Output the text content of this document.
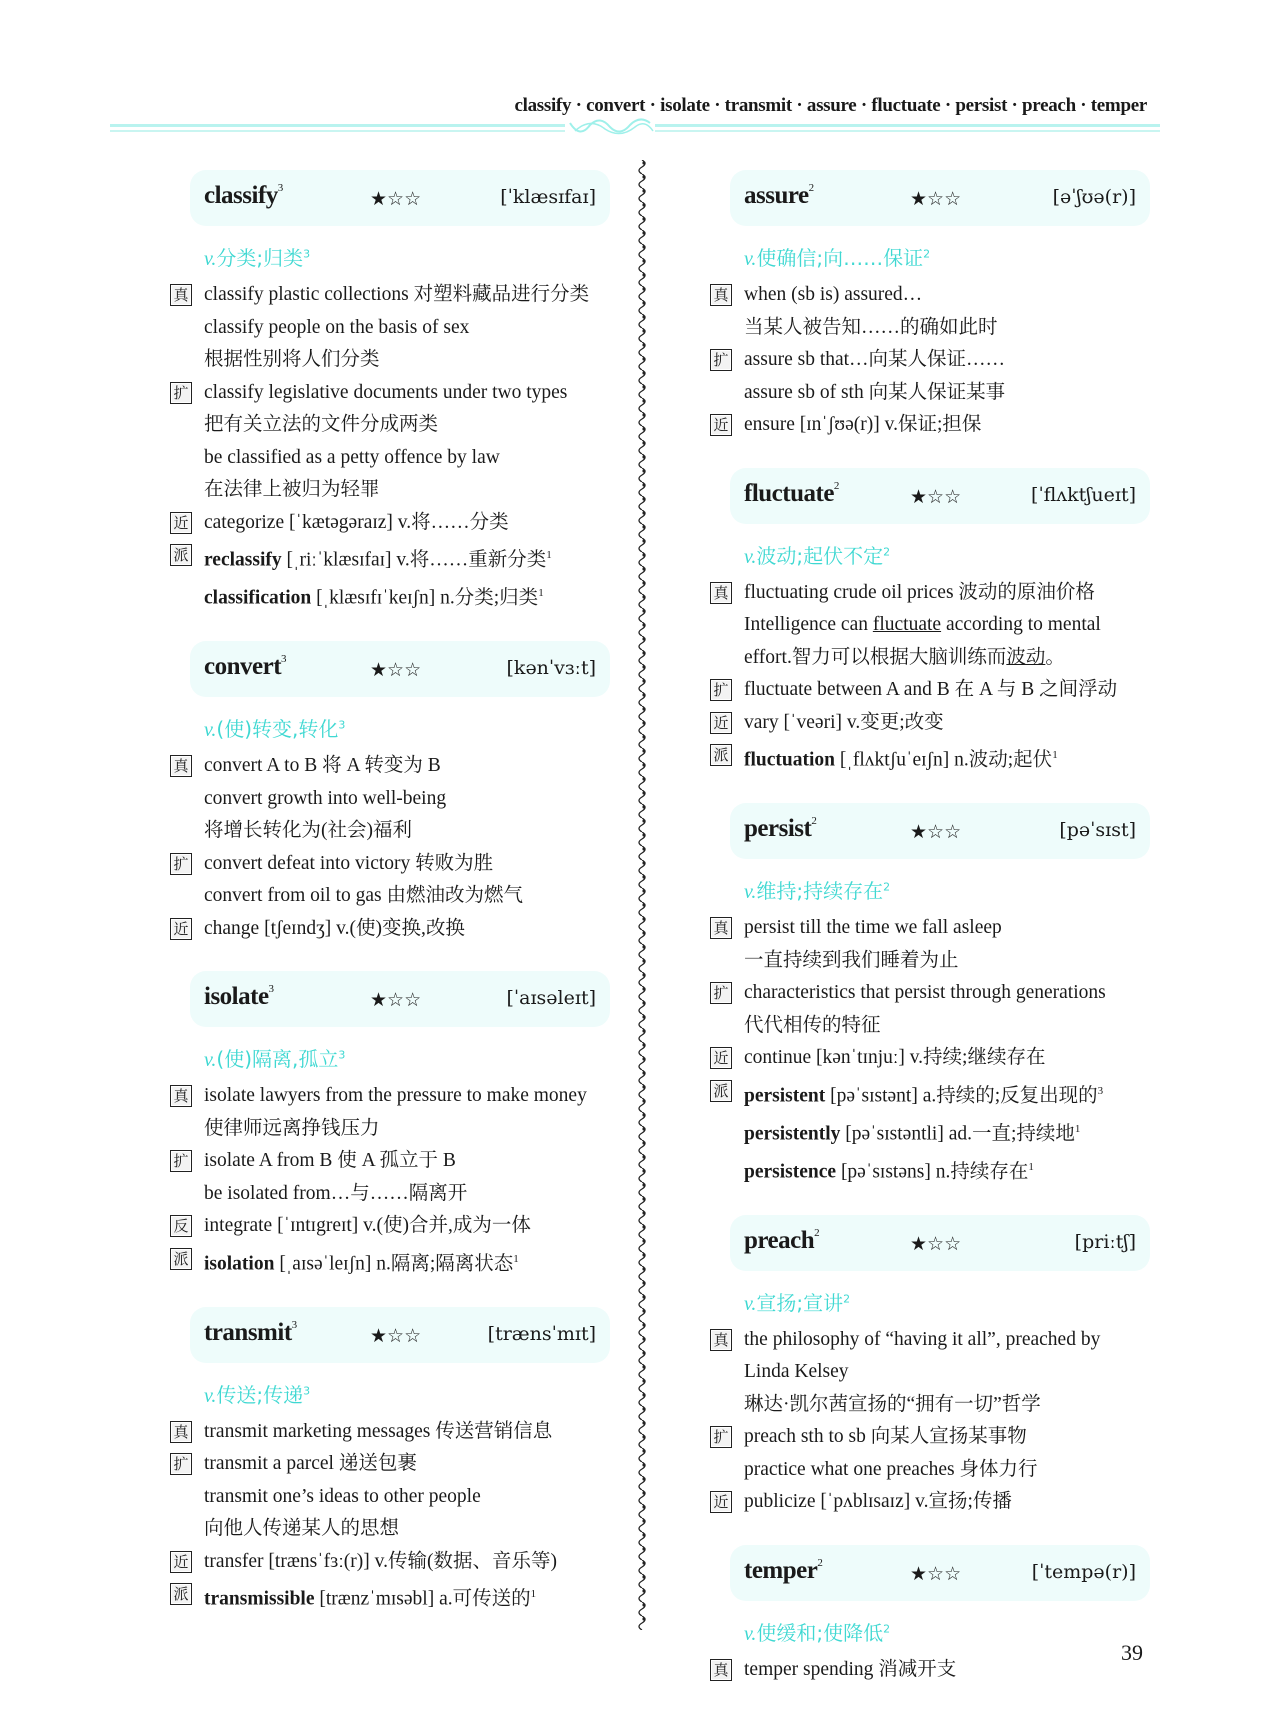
classify · convert · isolate · transmit · assure · fluctuate · persist · preach · temper
classify$^3$	★☆☆	[ˈklæsɪfaɪ]
v.分类;归类$^3$
真 classify plastic collections 对塑料藏品进行分类
classify people on the basis of sex
根据性别将人们分类
扩 classify legislative documents under two types
把有关立法的文件分成两类
be classified as a petty offence by law
在法律上被归为轻罪
近 categorize [ˈkætəgəraɪz] v.将……分类
派 reclassify [ˌriːˈklæsɪfaɪ] v.将……重新分类$^1$
classification [ˌklæsɪfɪˈkeɪʃn] n.分类;归类$^1$
convert$^3$	★☆☆	[kənˈvɜːt]
v.(使)转变,转化$^3$
真 convert A to B 将 A 转变为 B
convert growth into well-being
将增长转化为(社会)福利
扩 convert defeat into victory 转败为胜
convert from oil to gas 由燃油改为燃气
近 change [tʃeɪndʒ] v.(使)变换,改换
isolate$^3$	★☆☆	[ˈaɪsəleɪt]
v.(使)隔离,孤立$^3$
真 isolate lawyers from the pressure to make money
使律师远离挣钱压力
扩 isolate A from B 使 A 孤立于 B
be isolated from…与……隔离开
反 integrate [ˈɪntɪgreɪt] v.(使)合并,成为一体
派 isolation [ˌaɪsəˈleɪʃn] n.隔离;隔离状态$^1$
transmit$^3$	★☆☆	[trænsˈmɪt]
v.传送;传递$^3$
真 transmit marketing messages 传送营销信息
扩 transmit a parcel 递送包裹
transmit one’s ideas to other people
向他人传递某人的思想
近 transfer [trænsˈfɜː(r)] v.传输(数据、音乐等)
派 transmissible [trænzˈmɪsəbl] a.可传送的$^1$
assure$^2$	★☆☆	[əˈʃʊə(r)]
v.使确信;向……保证$^2$
真 when (sb is) assured…
当某人被告知……的确如此时
扩 assure sb that…向某人保证……
assure sb of sth 向某人保证某事
近 ensure [ɪnˈʃʊə(r)] v.保证;担保
fluctuate$^2$	★☆☆	[ˈflʌktʃueɪt]
v.波动;起伏不定$^2$
真 fluctuating crude oil prices 波动的原油价格
Intelligence can fluctuate according to mental
effort.智力可以根据大脑训练而波动。
扩 fluctuate between A and B 在 A 与 B 之间浮动
近 vary [ˈveəri] v.变更;改变
派 fluctuation [ˌflʌktʃuˈeɪʃn] n.波动;起伏$^1$
persist$^2$	★☆☆	[pəˈsɪst]
v.维持;持续存在$^2$
真 persist till the time we fall asleep
一直持续到我们睡着为止
扩 characteristics that persist through generations
代代相传的特征
近 continue [kənˈtɪnjuː] v.持续;继续存在
派 persistent [pəˈsɪstənt] a.持续的;反复出现的$^3$
persistently [pəˈsɪstəntli] ad.一直;持续地$^1$
persistence [pəˈsɪstəns] n.持续存在$^1$
preach$^2$	★☆☆	[priːtʃ]
v.宣扬;宣讲$^2$
真 the philosophy of “having it all”, preached by
Linda Kelsey
琳达·凯尔茜宣扬的“拥有一切”哲学
扩 preach sth to sb 向某人宣扬某事物
practice what one preaches 身体力行
近 publicize [ˈpʌblɪsaɪz] v.宣扬;传播
temper$^2$	★☆☆	[ˈtempə(r)]
v.使缓和;使降低$^2$
真 temper spending 消减开支
39
